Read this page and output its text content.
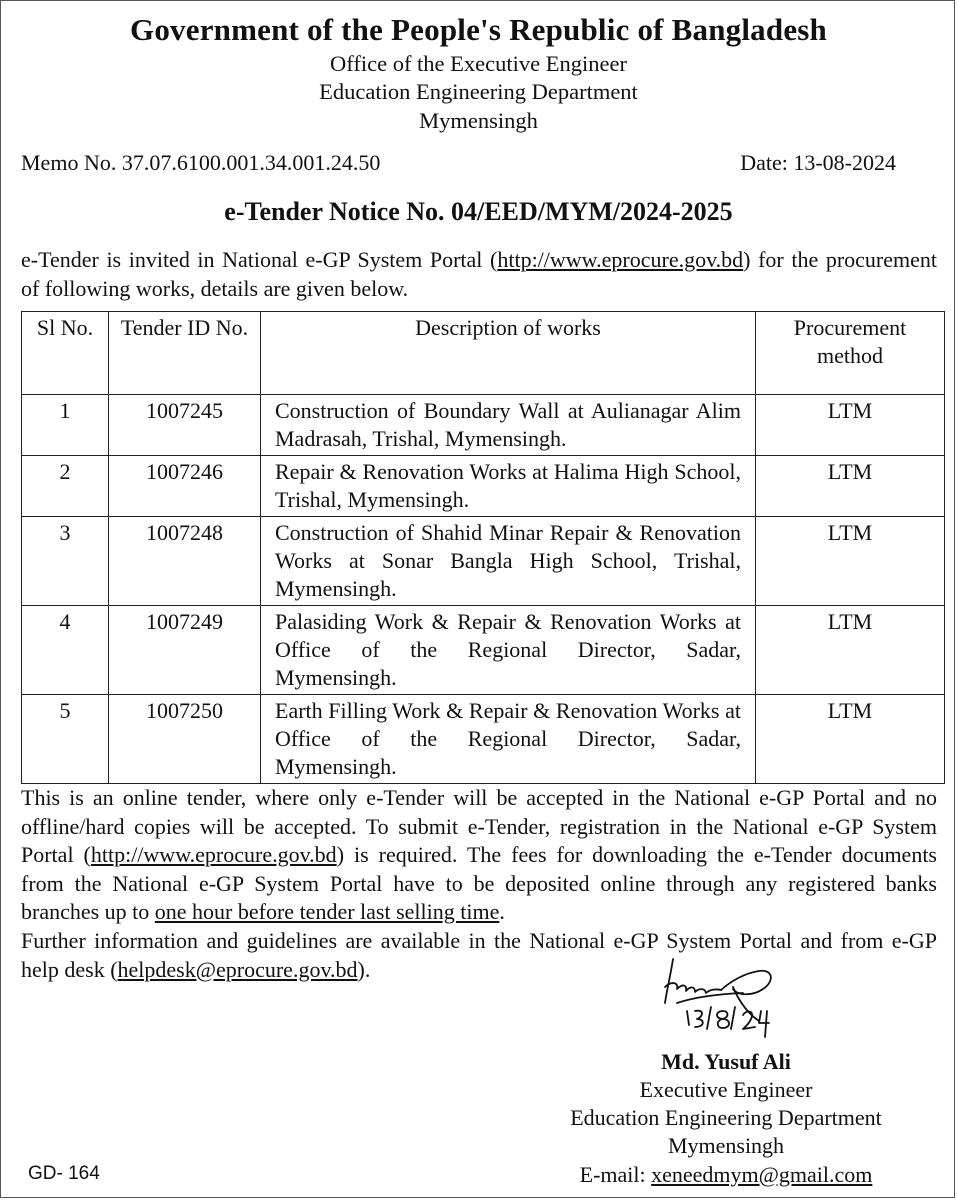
Government of the People's Republic of Bangladesh
Office of the Executive Engineer
Education Engineering Department
Mymensingh
Memo No. 37.07.6100.001.34.001.24.50	Date: 13-08-2024
e-Tender Notice No. 04/EED/MYM/2024-2025
e-Tender is invited in National e-GP System Portal (http://www.eprocure.gov.bd) for the procurement of following works, details are given below.
Sl No.	Tender ID No.	Description of works	Procurement method
1	1007245	Construction of Boundary Wall at Aulianagar Alim Madrasah, Trishal, Mymensingh.	LTM
2	1007246	Repair & Renovation Works at Halima High School, Trishal, Mymensingh.	LTM
3	1007248	Construction of Shahid Minar Repair & Renovation Works at Sonar Bangla High School, Trishal, Mymensingh.	LTM
4	1007249	Palasiding Work & Repair & Renovation Works at Office of the Regional Director, Sadar, Mymensingh.	LTM
5	1007250	Earth Filling Work & Repair & Renovation Works at Office of the Regional Director, Sadar, Mymensingh.	LTM

This is an online tender, where only e-Tender will be accepted in the National e-GP Portal and no offline/hard copies will be accepted. To submit e-Tender, registration in the National e-GP System Portal (http://www.eprocure.gov.bd) is required. The fees for downloading the e-Tender documents from the National e-GP System Portal have to be deposited online through any registered banks branches up to one hour before tender last selling time.

Further information and guidelines are available in the National e-GP System Portal and from e-GP help desk (helpdesk@eprocure.gov.bd).

Md. Yusuf Ali
Executive Engineer
Education Engineering Department
Mymensingh
E-mail: xeneedmym@gmail.com
GD- 164
